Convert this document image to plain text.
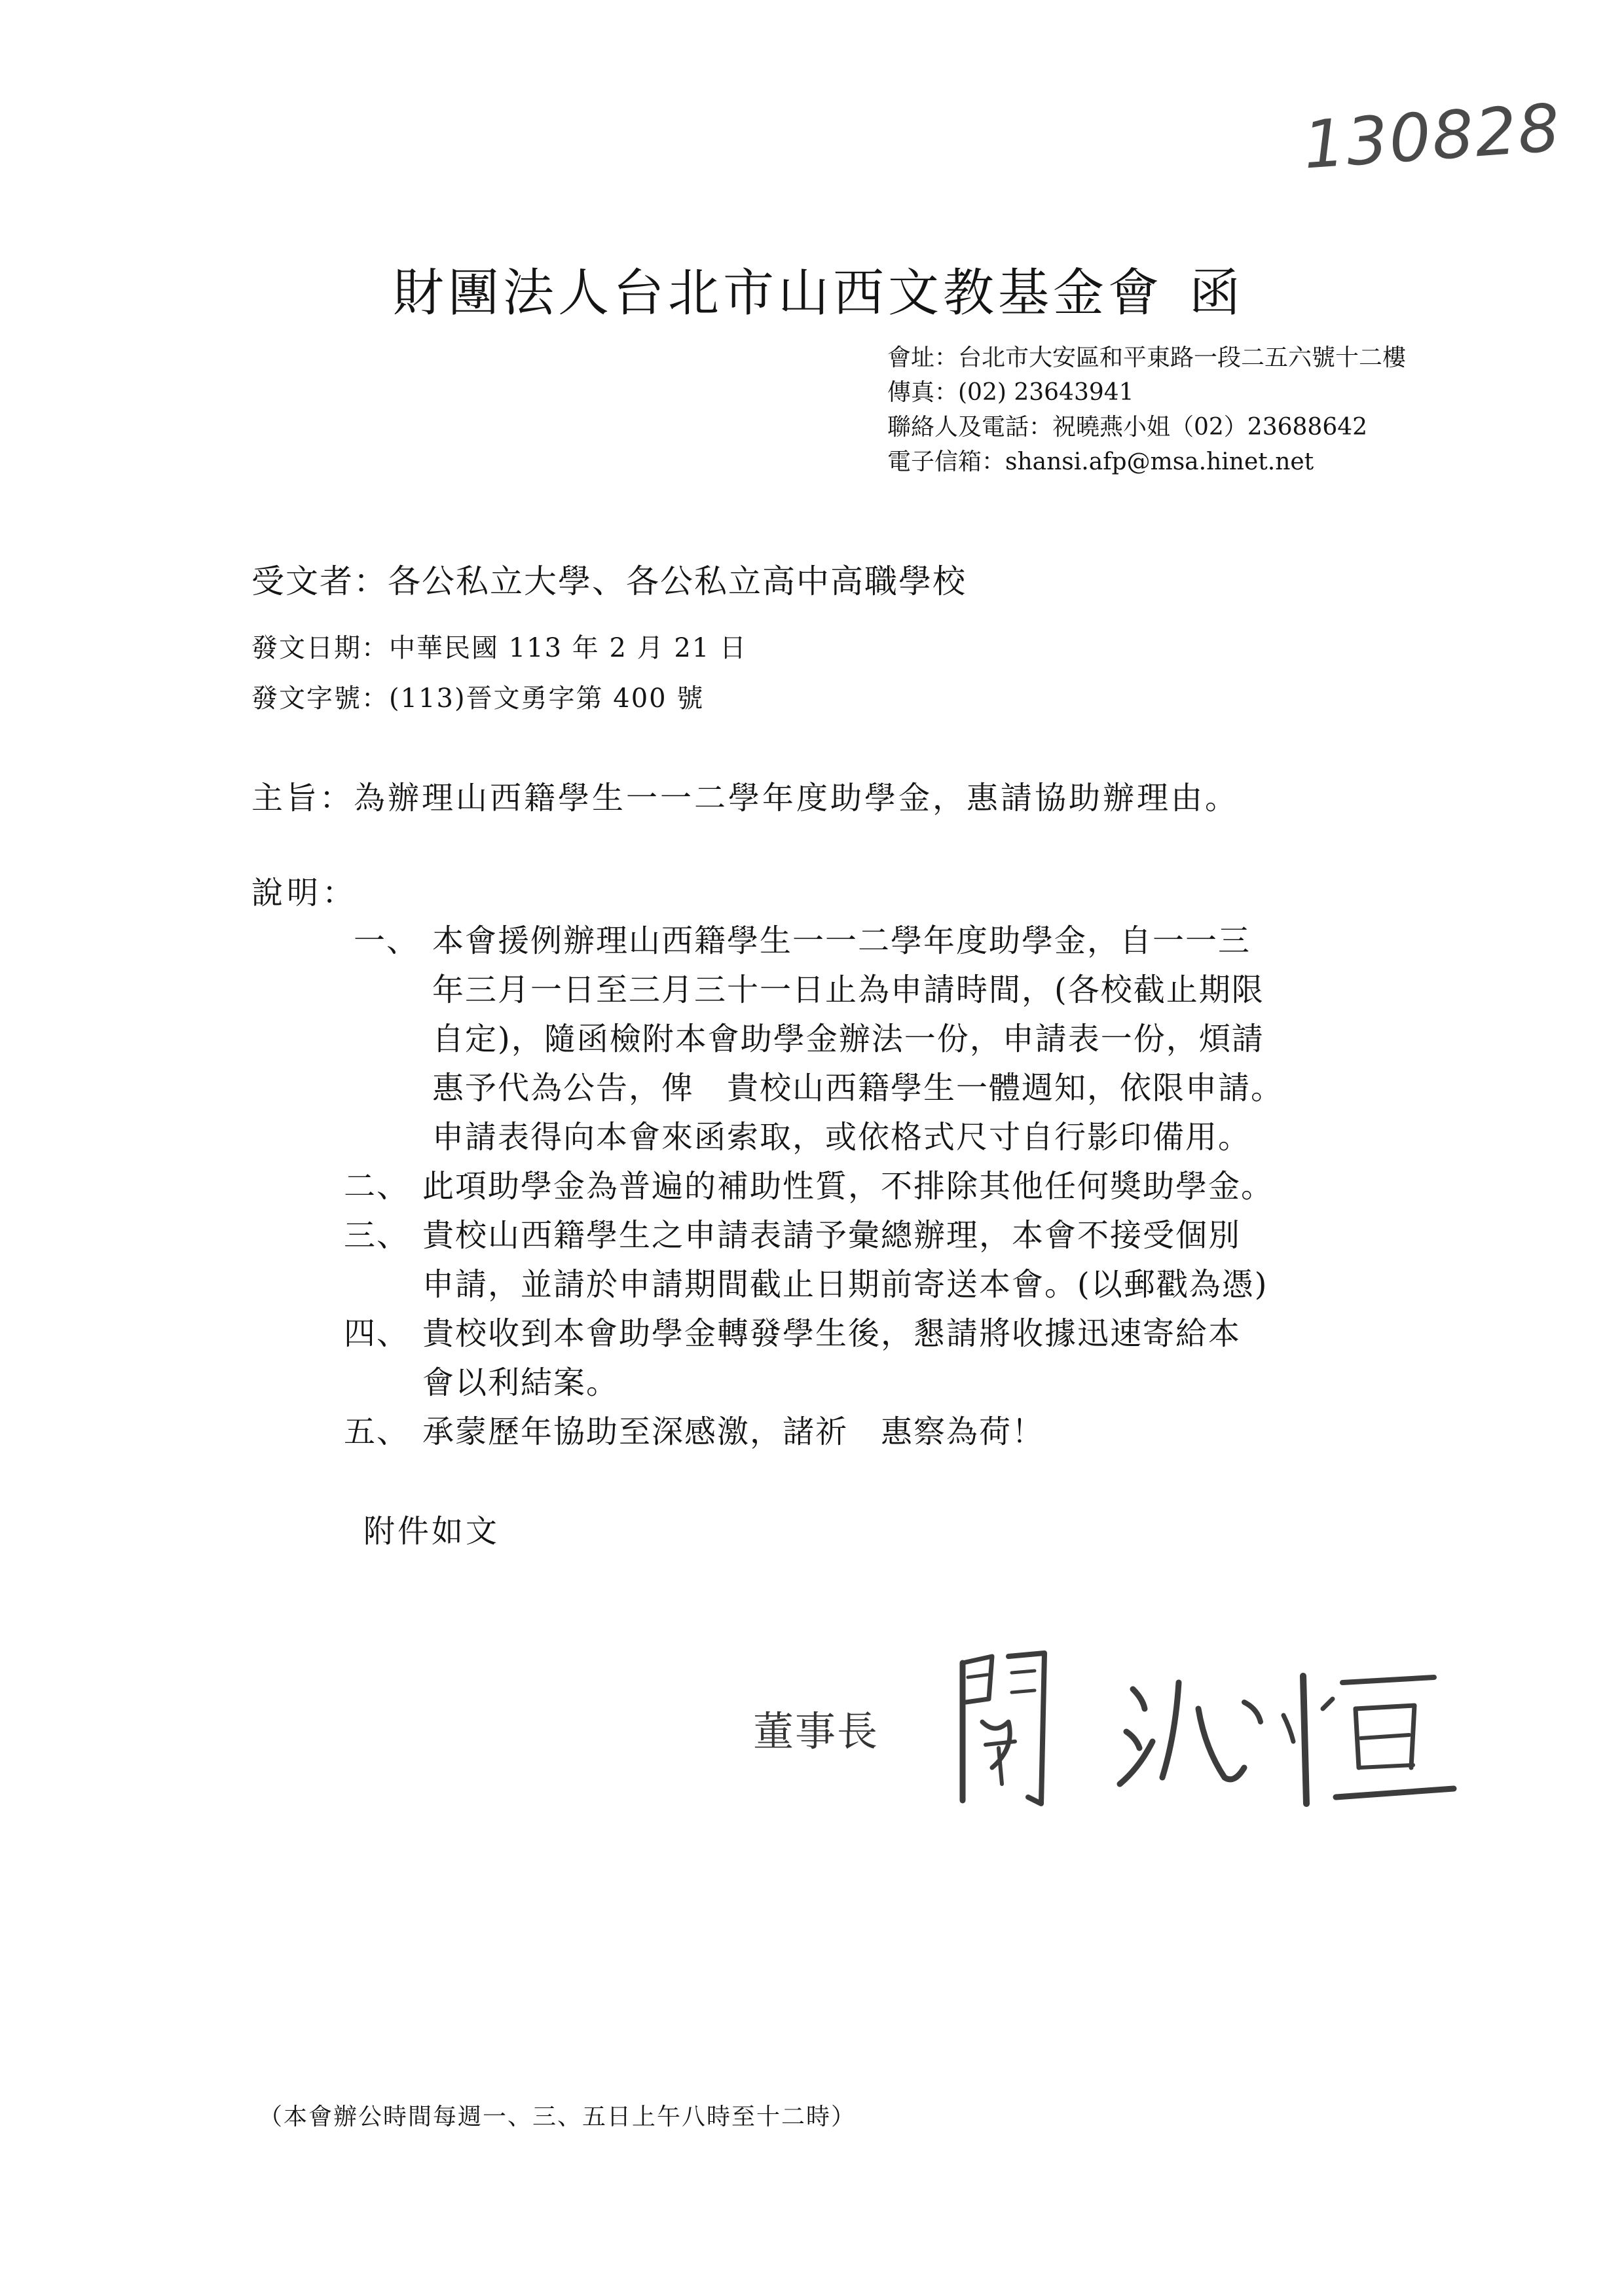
130828
財團法人台北市山西文教基金會 函
會址：台北市大安區和平東路一段二五六號十二樓
傳真：(02) 23643941
聯絡人及電話：祝曉燕小姐（02）23688642
電子信箱：shansi.afp@msa.hinet.net
受文者：各公私立大學、各公私立高中高職學校
發文日期：中華民國 113 年 2 月 21 日
發文字號：(113)晉文勇字第 400 號
主旨：為辦理山西籍學生一一二學年度助學金，惠請協助辦理由。
說明：
一、 本會援例辦理山西籍學生一一二學年度助學金，自一一三
年三月一日至三月三十一日止為申請時間，(各校截止期限
自定)，隨函檢附本會助學金辦法一份，申請表一份，煩請
惠予代為公告，俾　貴校山西籍學生一體週知，依限申請。
申請表得向本會來函索取，或依格式尺寸自行影印備用。
二、 此項助學金為普遍的補助性質，不排除其他任何獎助學金。
三、 貴校山西籍學生之申請表請予彙總辦理，本會不接受個別
申請，並請於申請期間截止日期前寄送本會。(以郵戳為憑)
四、 貴校收到本會助學金轉發學生後，懇請將收據迅速寄給本
會以利結案。
五、 承蒙歷年協助至深感激，諸祈　惠察為荷！
附件如文
董事長
（本會辦公時間每週一、三、五日上午八時至十二時）
